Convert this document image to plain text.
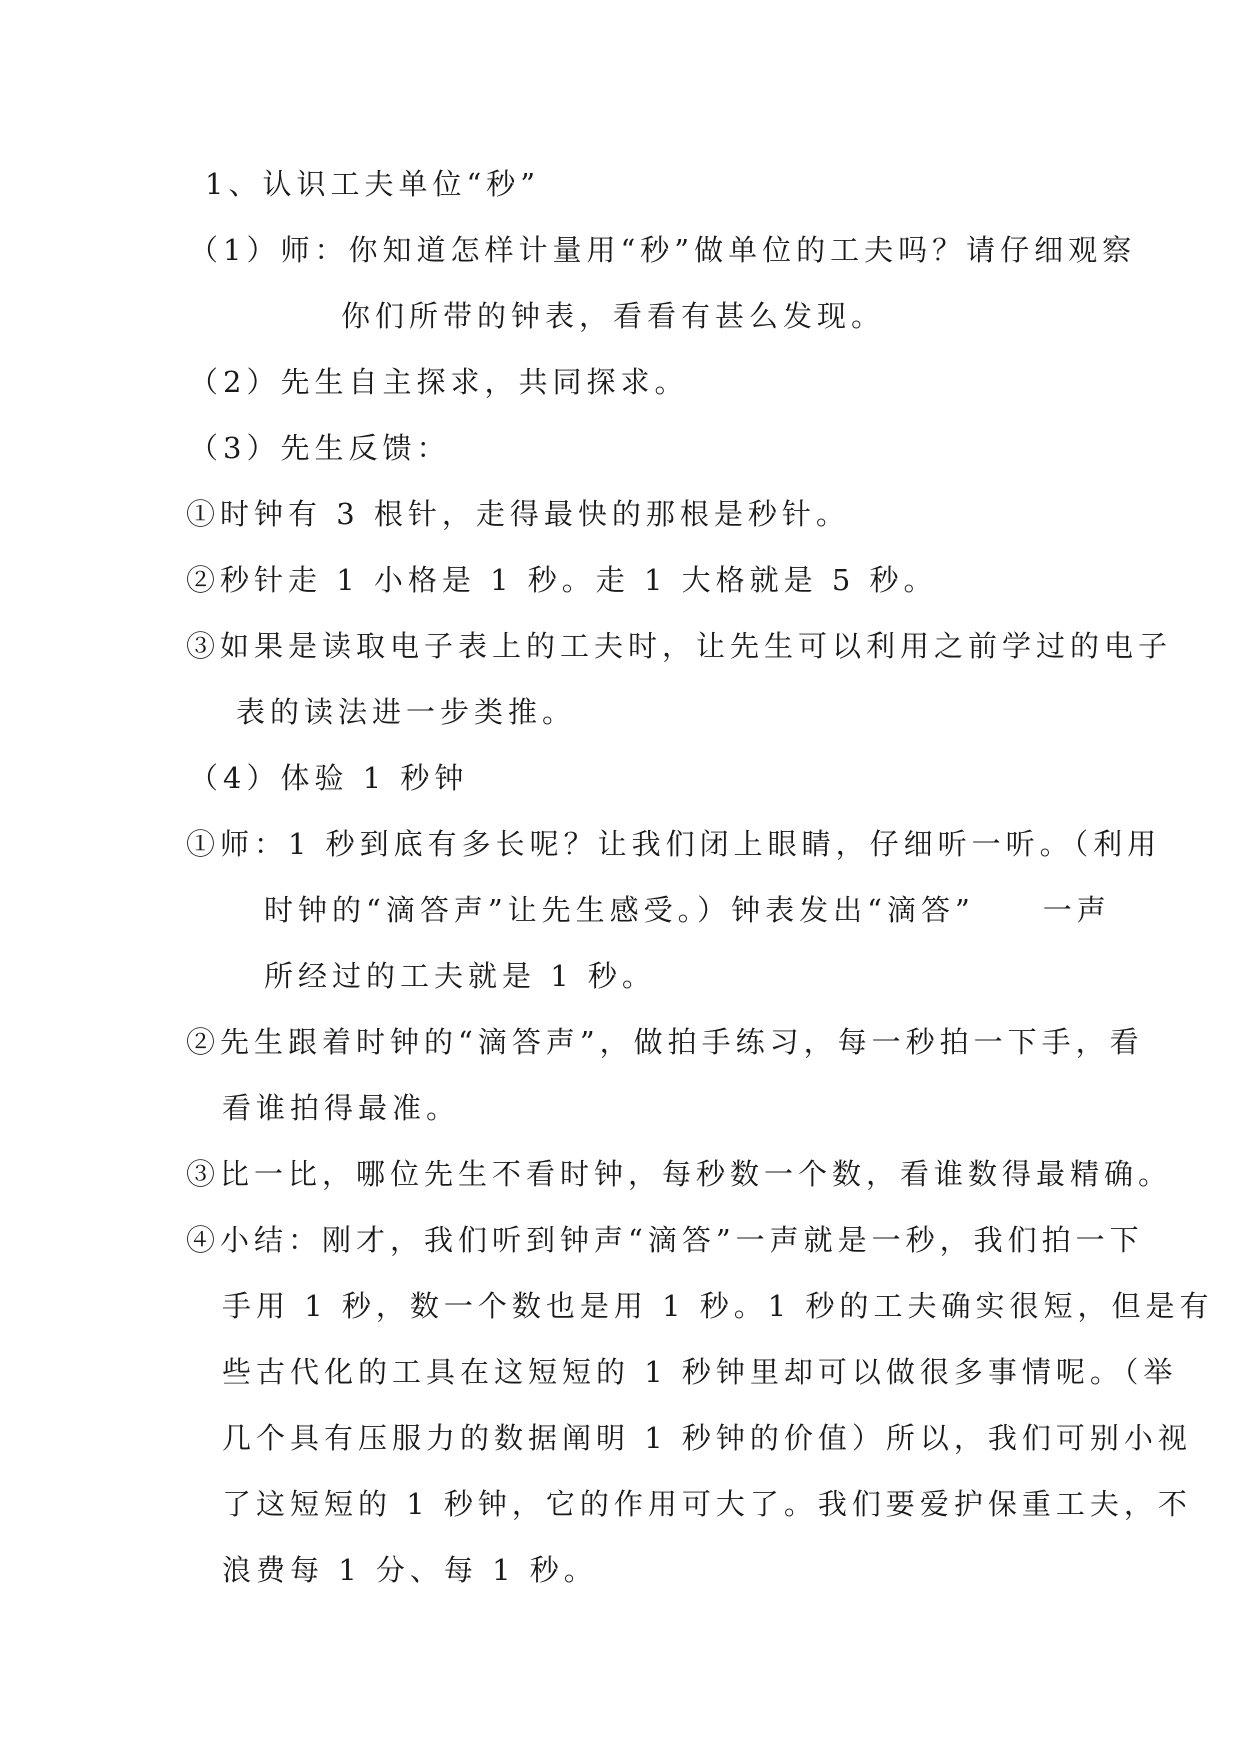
1、认识工夫单位“秒”
（1）师：你知道怎样计量用“秒”做单位的工夫吗？请仔细观察
你们所带的钟表，看看有甚么发现。
（2）先生自主探求，共同探求。
（3）先生反馈：
①时钟有 3 根针，走得最快的那根是秒针。
②秒针走 1 小格是 1 秒。走 1 大格就是 5 秒。
③如果是读取电子表上的工夫时，让先生可以利用之前学过的电子
表的读法进一步类推。
（4）体验 1 秒钟
①师：1 秒到底有多长呢？让我们闭上眼睛，仔细听一听。（利用
时钟的“滴答声”让先生感受。）钟表发出“滴答”　　一声
所经过的工夫就是 1 秒。
②先生跟着时钟的“滴答声”，做拍手练习，每一秒拍一下手，看
看谁拍得最准。
③比一比，哪位先生不看时钟，每秒数一个数，看谁数得最精确。
④小结：刚才，我们听到钟声“滴答”一声就是一秒，我们拍一下
手用 1 秒，数一个数也是用 1 秒。1 秒的工夫确实很短，但是有
些古代化的工具在这短短的 1 秒钟里却可以做很多事情呢。（举
几个具有压服力的数据阐明 1 秒钟的价值）所以，我们可别小视
了这短短的 1 秒钟，它的作用可大了。我们要爱护保重工夫，不
浪费每 1 分、每 1 秒。
